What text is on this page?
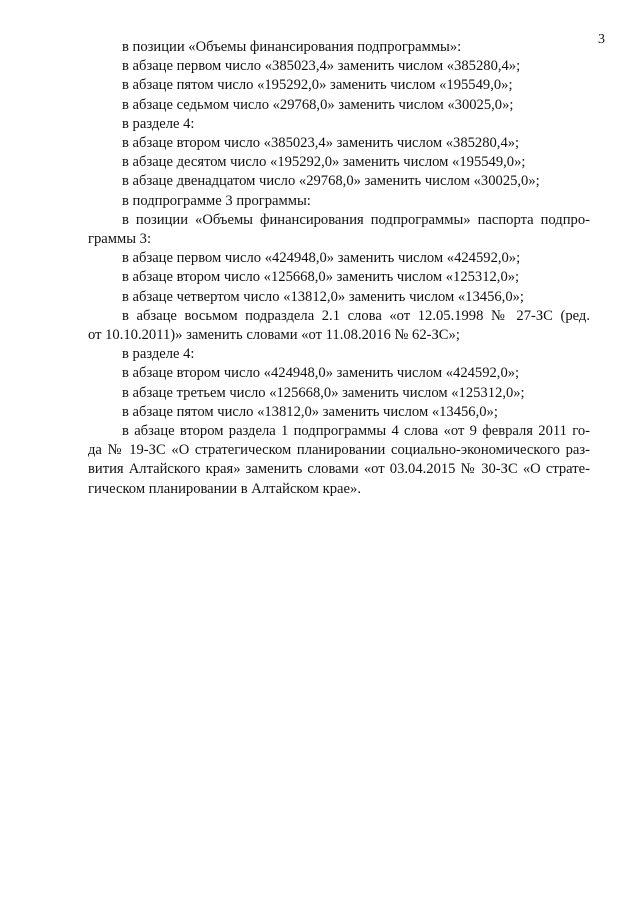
3
в позиции «Объемы финансирования подпрограммы»:
в абзаце первом число «385023,4» заменить числом «385280,4»;
в абзаце пятом число «195292,0» заменить числом «195549,0»;
в абзаце седьмом число «29768,0» заменить числом «30025,0»;
в разделе 4:
в абзаце втором число «385023,4» заменить числом «385280,4»;
в абзаце десятом число «195292,0» заменить числом «195549,0»;
в абзаце двенадцатом число «29768,0» заменить числом «30025,0»;
в подпрограмме 3 программы:
в позиции «Объемы финансирования подпрограммы» паспорта подпро-
граммы 3:
в абзаце первом число «424948,0» заменить числом «424592,0»;
в абзаце втором число «125668,0» заменить числом «125312,0»;
в абзаце четвертом число «13812,0» заменить числом «13456,0»;
в абзаце восьмом подраздела 2.1 слова «от 12.05.1998 № 27-ЗС (ред.
от 10.10.2011)» заменить словами «от 11.08.2016 № 62-ЗС»;
в разделе 4:
в абзаце втором число «424948,0» заменить числом «424592,0»;
в абзаце третьем число «125668,0» заменить числом «125312,0»;
в абзаце пятом число «13812,0» заменить числом «13456,0»;
в абзаце втором раздела 1 подпрограммы 4 слова «от 9 февраля 2011 го-
да № 19-ЗС «О стратегическом планировании социально-экономического раз-
вития Алтайского края» заменить словами «от 03.04.2015 № 30-ЗС «О страте-
гическом планировании в Алтайском крае».
